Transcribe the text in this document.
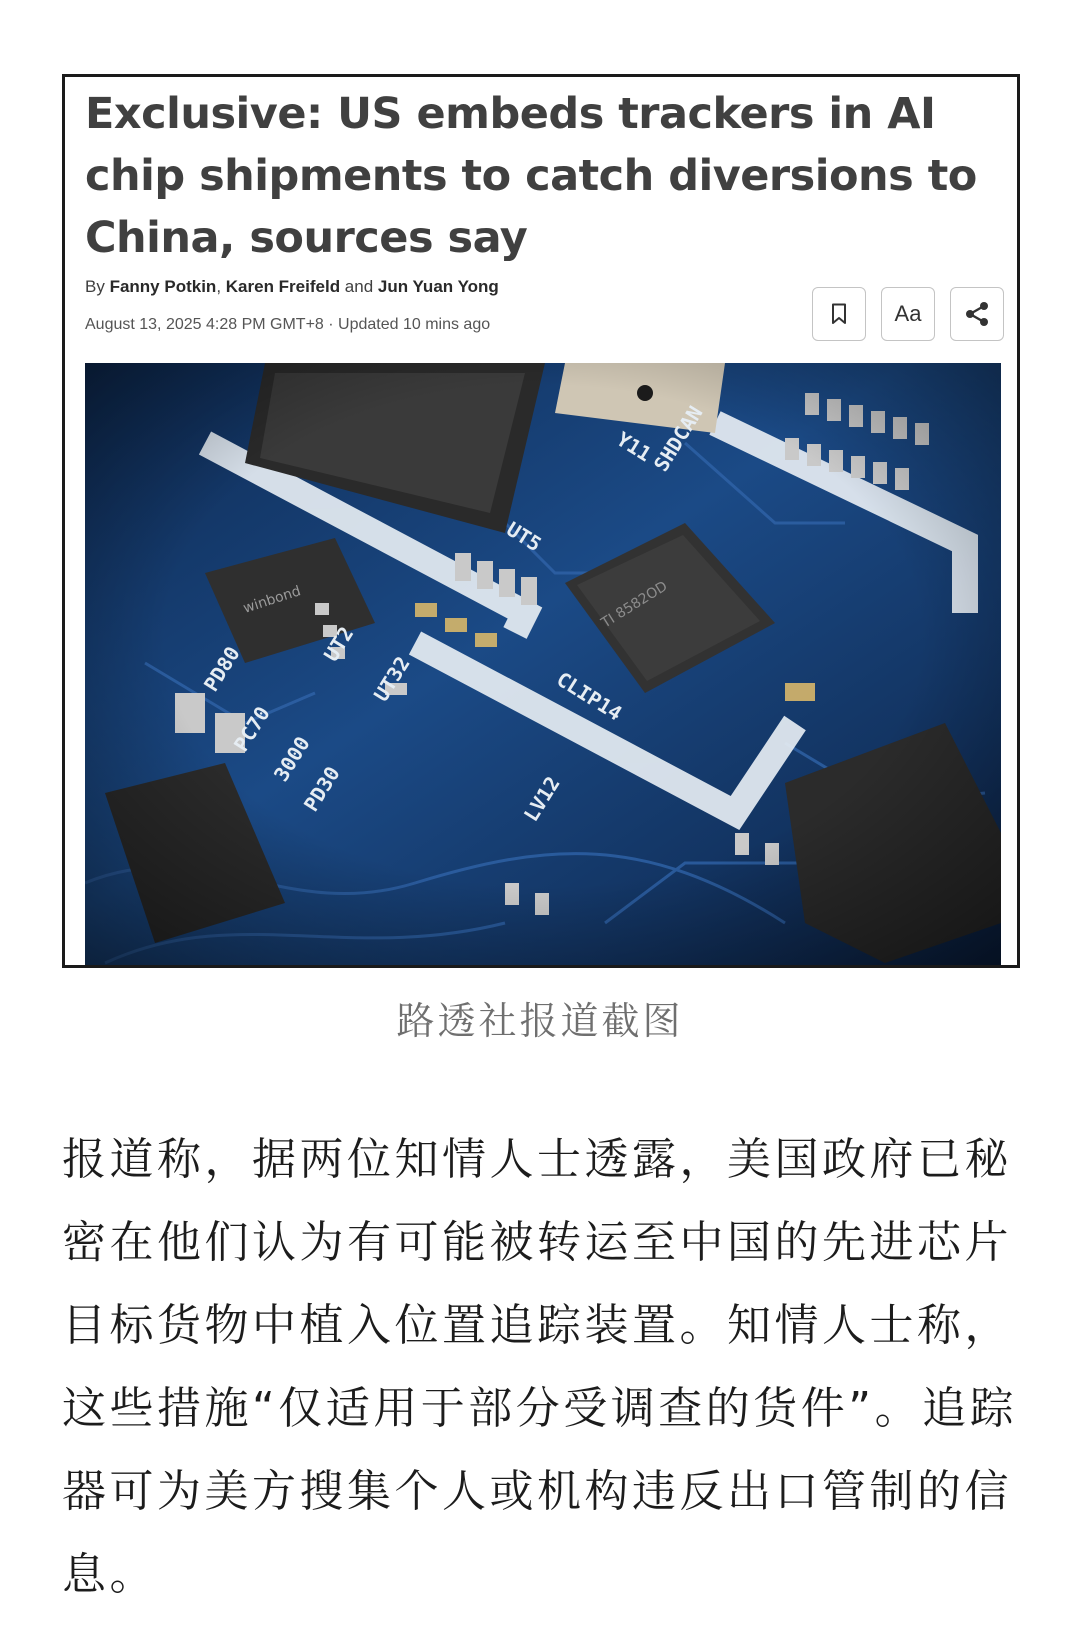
Exclusive: US embeds trackers in AI chip shipments to catch diversions to China, sources say
By Fanny Potkin, Karen Freifeld and Jun Yuan Yong
August 13, 2025 4:28 PM GMT+8 · Updated 10 mins ago	Aa
路透社报道截图

报道称，据两位知情人士透露，美国政府已秘密在他们认为有可能被转运至中国的先进芯片目标货物中植入位置追踪装置。知情人士称，这些措施“仅适用于部分受调查的货件”。追踪器可为美方搜集个人或机构违反出口管制的信息。
